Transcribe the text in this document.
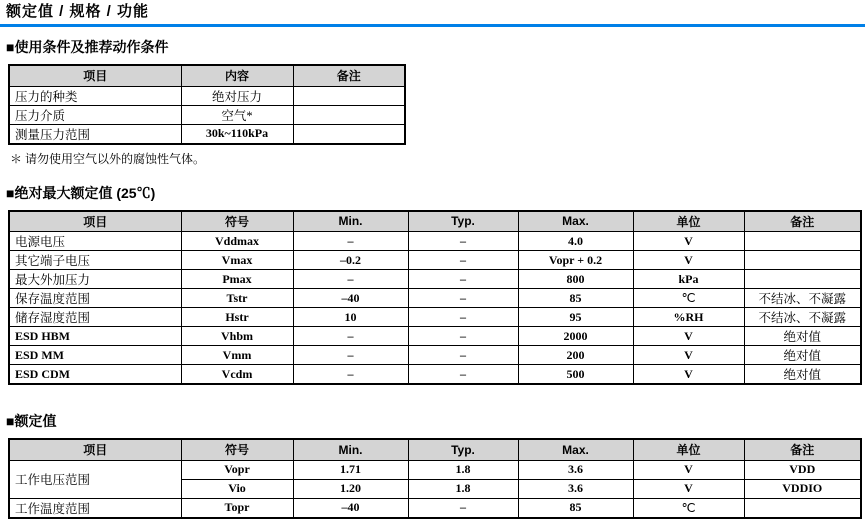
额定值 / 规格 / 功能
■使用条件及推荐动作条件
项目	内容	备注
压力的种类	绝对压力	
压力介质	空气*	
测量压力范围	30k~110kPa	

＊ 请勿使用空气以外的腐蚀性气体。

■绝对最大额定值 (25℃)
项目	符号	Min.	Typ.	Max.	单位	备注
电源电压	Vddmax	–	–	4.0	V	
其它端子电压	Vmax	–0.2	–	Vopr + 0.2	V	
最大外加压力	Pmax	–	–	800	kPa	
保存温度范围	Tstr	–40	–	85	℃	不结冰、不凝露
储存湿度范围	Hstr	10	–	95	%RH	不结冰、不凝露
ESD HBM	Vhbm	–	–	2000	V	绝对值
ESD MM	Vmm	–	–	200	V	绝对值
ESD CDM	Vcdm	–	–	500	V	绝对值
■额定值
项目	符号	Min.	Typ.	Max.	单位	备注
工作电压范围	Vopr	1.71	1.8	3.6	V	VDD
	Vio	1.20	1.8	3.6	V	VDDIO
工作温度范围	Topr	–40	–	85	℃	
